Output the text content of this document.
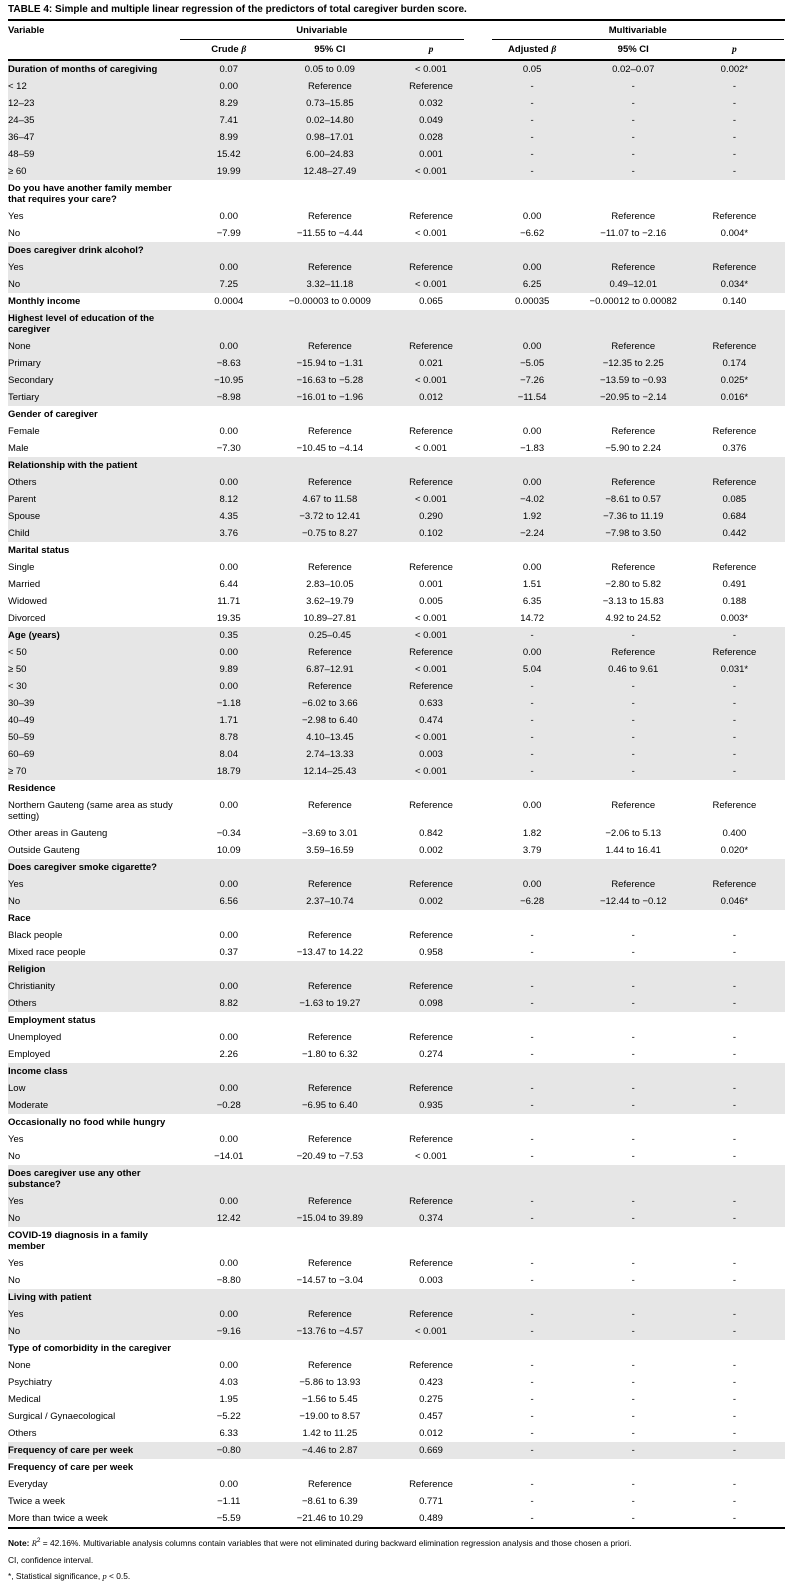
TABLE 4: Simple and multiple linear regression of the predictors of total caregiver burden score.
Variable	Univariable			Multivariable		

	Crude β	95% CI	p	Adjusted β	95% CI	p
Duration of months of caregiving	0.07	0.05 to 0.09	< 0.001	0.05	0.02–0.07	0.002*
< 12	0.00	Reference	Reference	-	-	-
12–23	8.29	0.73–15.85	0.032	-	-	-
24–35	7.41	0.02–14.80	0.049	-	-	-
36–47	8.99	0.98–17.01	0.028	-	-	-
48–59	15.42	6.00–24.83	0.001	-	-	-
≥ 60	19.99	12.48–27.49	< 0.001	-	-	-
Do you have another family member that requires your care?						
Yes	0.00	Reference	Reference	0.00	Reference	Reference
No	−7.99	−11.55 to −4.44	< 0.001	−6.62	−11.07 to −2.16	0.004*
Does caregiver drink alcohol?						
Yes	0.00	Reference	Reference	0.00	Reference	Reference
No	7.25	3.32–11.18	< 0.001	6.25	0.49–12.01	0.034*
Monthly income	0.0004	−0.00003 to 0.0009	0.065	0.00035	−0.00012 to 0.00082	0.140
Highest level of education of the caregiver						
None	0.00	Reference	Reference	0.00	Reference	Reference
Primary	−8.63	−15.94 to −1.31	0.021	−5.05	−12.35 to 2.25	0.174
Secondary	−10.95	−16.63 to −5.28	< 0.001	−7.26	−13.59 to −0.93	0.025*
Tertiary	−8.98	−16.01 to −1.96	0.012	−11.54	−20.95 to −2.14	0.016*
Gender of caregiver						
Female	0.00	Reference	Reference	0.00	Reference	Reference
Male	−7.30	−10.45 to −4.14	< 0.001	−1.83	−5.90 to 2.24	0.376
Relationship with the patient						
Others	0.00	Reference	Reference	0.00	Reference	Reference
Parent	8.12	4.67 to 11.58	< 0.001	−4.02	−8.61 to 0.57	0.085
Spouse	4.35	−3.72 to 12.41	0.290	1.92	−7.36 to 11.19	0.684
Child	3.76	−0.75 to 8.27	0.102	−2.24	−7.98 to 3.50	0.442
Marital status						
Single	0.00	Reference	Reference	0.00	Reference	Reference
Married	6.44	2.83–10.05	0.001	1.51	−2.80 to 5.82	0.491
Widowed	11.71	3.62–19.79	0.005	6.35	−3.13 to 15.83	0.188
Divorced	19.35	10.89–27.81	< 0.001	14.72	4.92 to 24.52	0.003*
Age (years)	0.35	0.25–0.45	< 0.001	-	-	-
< 50	0.00	Reference	Reference	0.00	Reference	Reference
≥ 50	9.89	6.87–12.91	< 0.001	5.04	0.46 to 9.61	0.031*
< 30	0.00	Reference	Reference	-	-	-
30–39	−1.18	−6.02 to 3.66	0.633	-	-	-
40–49	1.71	−2.98 to 6.40	0.474	-	-	-
50–59	8.78	4.10–13.45	< 0.001	-	-	-
60–69	8.04	2.74–13.33	0.003	-	-	-
≥ 70	18.79	12.14–25.43	< 0.001	-	-	-
Residence						
Northern Gauteng (same area as study setting)	0.00	Reference	Reference	0.00	Reference	Reference
Other areas in Gauteng	−0.34	−3.69 to 3.01	0.842	1.82	−2.06 to 5.13	0.400
Outside Gauteng	10.09	3.59–16.59	0.002	3.79	1.44 to 16.41	0.020*
Does caregiver smoke cigarette?						
Yes	0.00	Reference	Reference	0.00	Reference	Reference
No	6.56	2.37–10.74	0.002	−6.28	−12.44 to −0.12	0.046*
Race						
Black people	0.00	Reference	Reference	-	-	-
Mixed race people	0.37	−13.47 to 14.22	0.958	-	-	-
Religion						
Christianity	0.00	Reference	Reference	-	-	-
Others	8.82	−1.63 to 19.27	0.098	-	-	-
Employment status						
Unemployed	0.00	Reference	Reference	-	-	-
Employed	2.26	−1.80 to 6.32	0.274	-	-	-
Income class						
Low	0.00	Reference	Reference	-	-	-
Moderate	−0.28	−6.95 to 6.40	0.935	-	-	-
Occasionally no food while hungry						
Yes	0.00	Reference	Reference	-	-	-
No	−14.01	−20.49 to −7.53	< 0.001	-	-	-
Does caregiver use any other substance?						
Yes	0.00	Reference	Reference	-	-	-
No	12.42	−15.04 to 39.89	0.374	-	-	-
COVID-19 diagnosis in a family member						
Yes	0.00	Reference	Reference	-	-	-
No	−8.80	−14.57 to −3.04	0.003	-	-	-
Living with patient						
Yes	0.00	Reference	Reference	-	-	-
No	−9.16	−13.76 to −4.57	< 0.001	-	-	-
Type of comorbidity in the caregiver						
None	0.00	Reference	Reference	-	-	-
Psychiatry	4.03	−5.86 to 13.93	0.423	-	-	-
Medical	1.95	−1.56 to 5.45	0.275	-	-	-
Surgical / Gynaecological	−5.22	−19.00 to 8.57	0.457	-	-	-
Others	6.33	1.42 to 11.25	0.012	-	-	-
Frequency of care per week	−0.80	−4.46 to 2.87	0.669	-	-	-
Frequency of care per week						
Everyday	0.00	Reference	Reference	-	-	-
Twice a week	−1.11	−8.61 to 6.39	0.771	-	-	-
More than twice a week	−5.59	−21.46 to 10.29	0.489	-	-	-
Note: $R^2 = 42.16\%$. Multivariable analysis columns contain variables that were not eliminated during backward elimination regression analysis and those chosen a priori.
CI, confidence interval.
*, Statistical significance, p < 0.5.
